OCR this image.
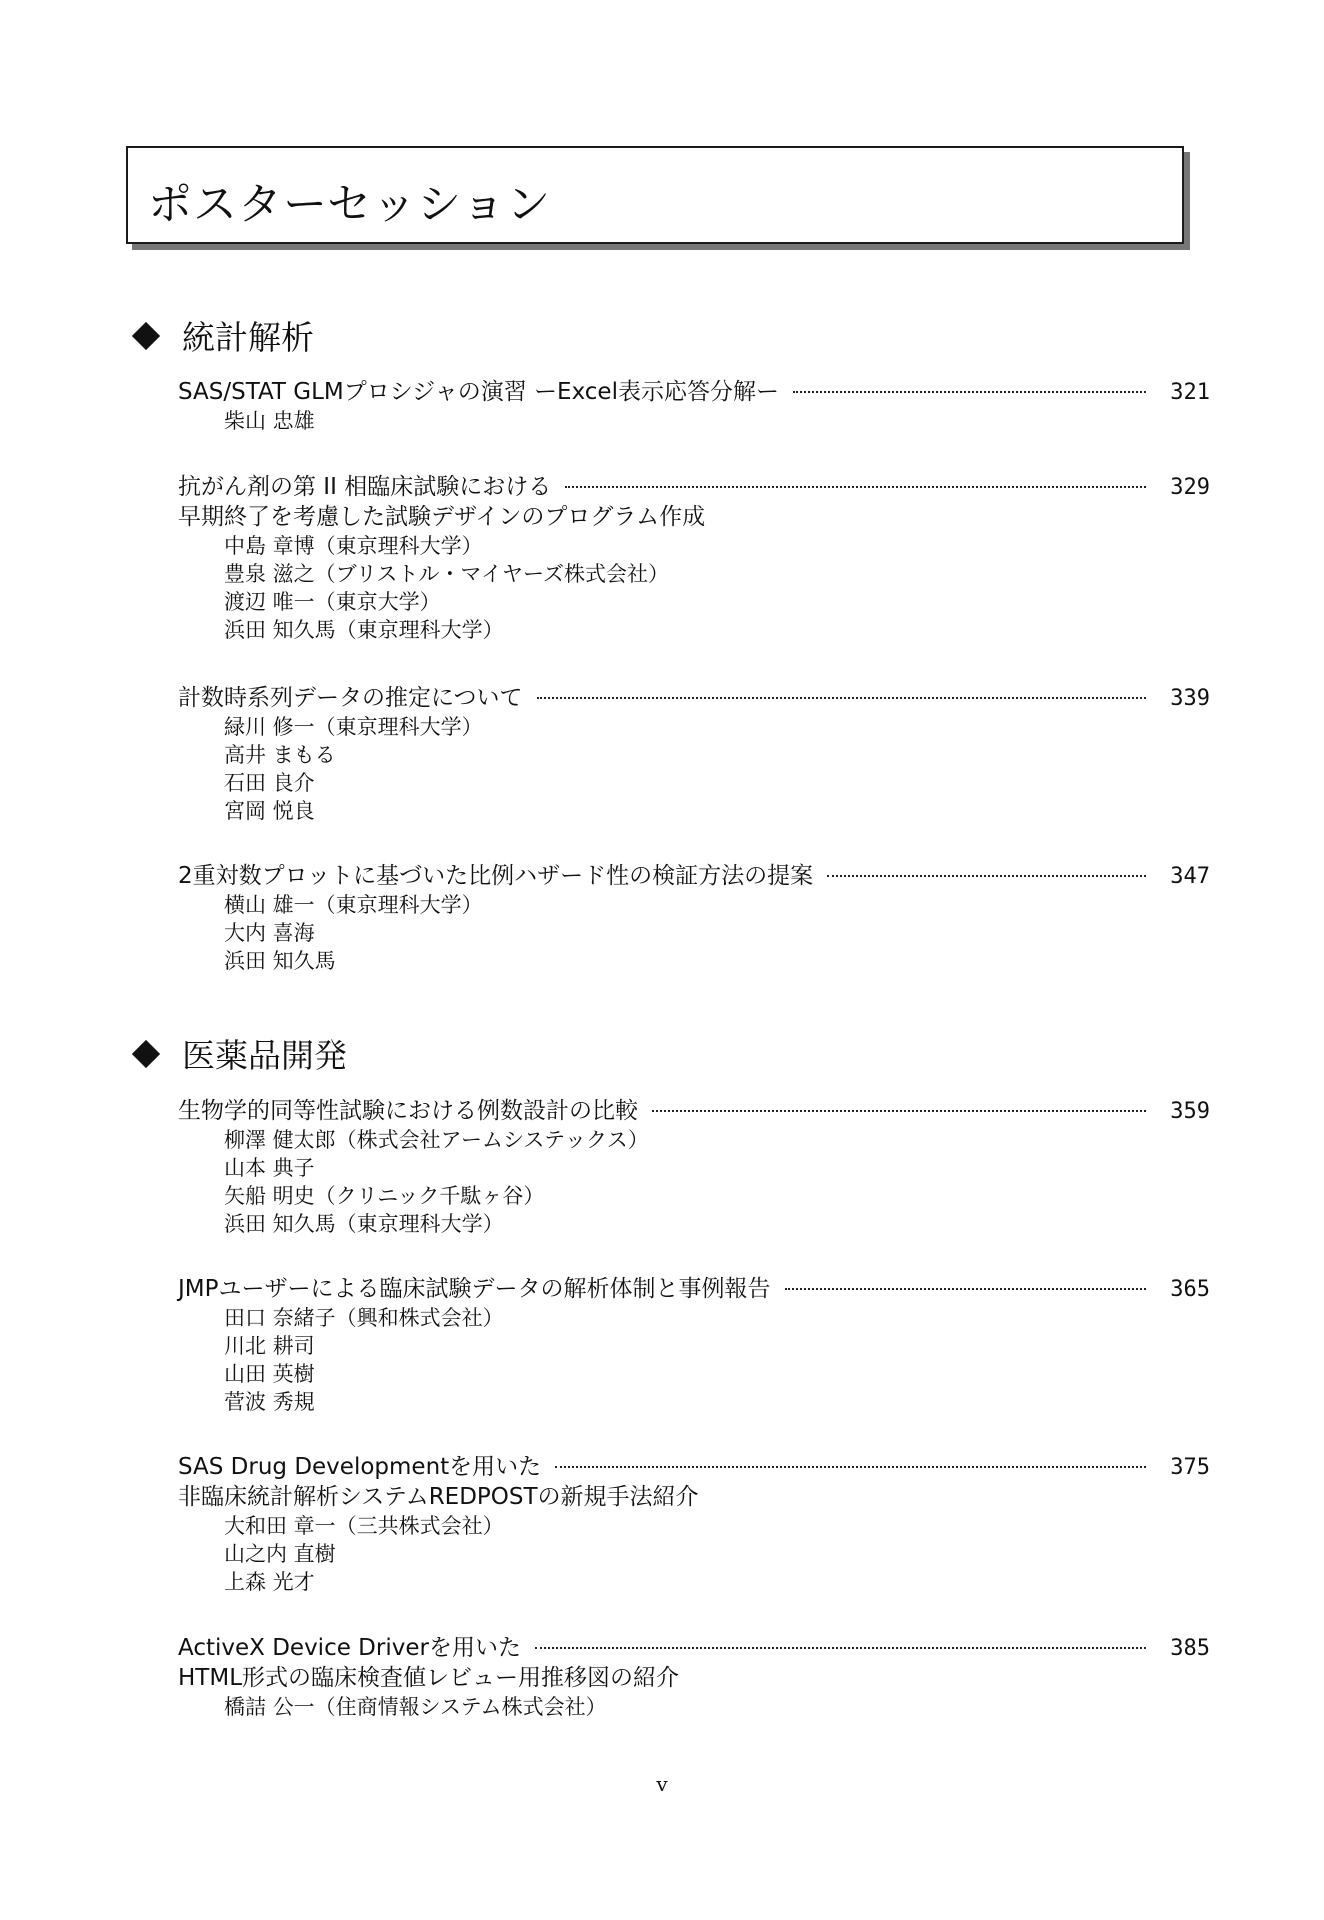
ポスターセッション
統計解析
SAS/STAT GLMプロシジャの演習 ーExcel表示応答分解ー	321
柴山 忠雄
抗がん剤の第 II 相臨床試験における	329
早期終了を考慮した試験デザインのプログラム作成
中島 章博（東京理科大学）
豊泉 滋之（ブリストル・マイヤーズ株式会社）
渡辺 唯一（東京大学）
浜田 知久馬（東京理科大学）
計数時系列データの推定について	339
緑川 修一（東京理科大学）
高井 まもる
石田 良介
宮岡 悦良
2重対数プロットに基づいた比例ハザード性の検証方法の提案	347
横山 雄一（東京理科大学）
大内 喜海
浜田 知久馬
医薬品開発
生物学的同等性試験における例数設計の比較	359
柳澤 健太郎（株式会社アームシステックス）
山本 典子
矢船 明史（クリニック千駄ヶ谷）
浜田 知久馬（東京理科大学）
JMPユーザーによる臨床試験データの解析体制と事例報告	365
田口 奈緒子（興和株式会社）
川北 耕司
山田 英樹
菅波 秀規
SAS Drug Developmentを用いた	375
非臨床統計解析システムREDPOSTの新規手法紹介
大和田 章一（三共株式会社）
山之内 直樹
上森 光才
ActiveX Device Driverを用いた	385
HTML形式の臨床検査値レビュー用推移図の紹介
橋詰 公一（住商情報システム株式会社）
v
